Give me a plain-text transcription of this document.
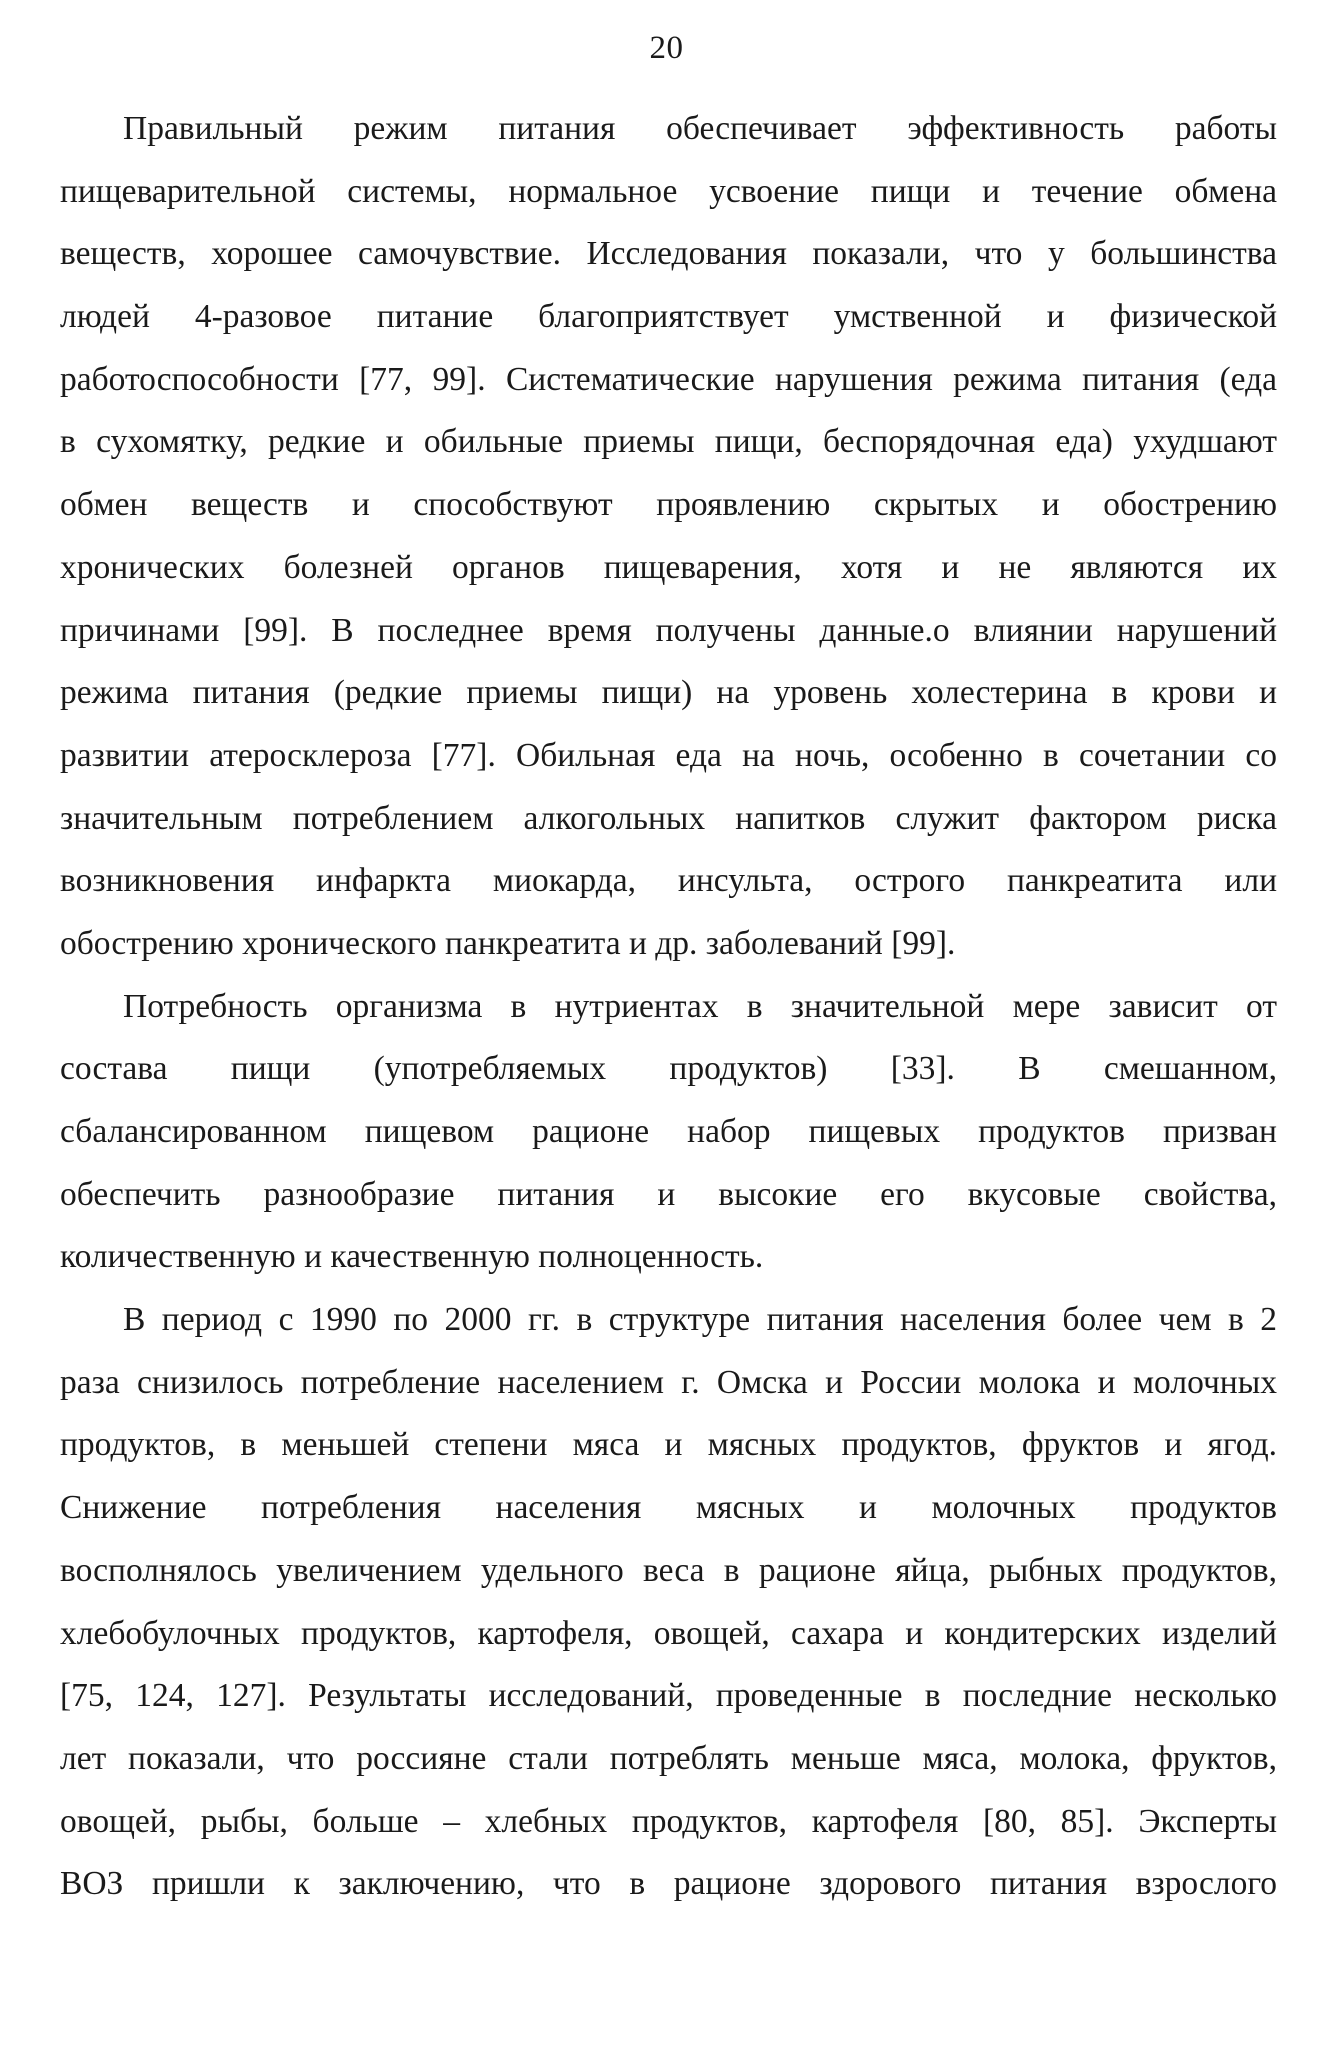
20
Правильный режим питания обеспечивает эффективность работы
пищеварительной системы, нормальное усвоение пищи и течение обмена
веществ, хорошее самочувствие. Исследования показали, что у большинства
людей 4-разовое питание благоприятствует умственной и физической
работоспособности [77, 99]. Систематические нарушения режима питания (еда
в сухомятку, редкие и обильные приемы пищи, беспорядочная еда) ухудшают
обмен веществ и способствуют проявлению скрытых и обострению
хронических болезней органов пищеварения, хотя и не являются их
причинами [99]. В последнее время получены данные.о влиянии нарушений
режима питания (редкие приемы пищи) на уровень холестерина в крови и
развитии атеросклероза [77]. Обильная еда на ночь, особенно в сочетании со
значительным потреблением алкогольных напитков служит фактором риска
возникновения инфаркта миокарда, инсульта, острого панкреатита или
обострению хронического панкреатита и др. заболеваний [99].
Потребность организма в нутриентах в значительной мере зависит от
состава пищи (употребляемых продуктов) [33]. В смешанном,
сбалансированном пищевом рационе набор пищевых продуктов призван
обеспечить разнообразие питания и высокие его вкусовые свойства,
количественную и качественную полноценность.
В период с 1990 по 2000 гг. в структуре питания населения более чем в 2
раза снизилось потребление населением г. Омска и России молока и молочных
продуктов, в меньшей степени мяса и мясных продуктов, фруктов и ягод.
Снижение потребления населения мясных и молочных продуктов
восполнялось увеличением удельного веса в рационе яйца, рыбных продуктов,
хлебобулочных продуктов, картофеля, овощей, сахара и кондитерских изделий
[75, 124, 127]. Результаты исследований, проведенные в последние несколько
лет показали, что россияне стали потреблять меньше мяса, молока, фруктов,
овощей, рыбы, больше – хлебных продуктов, картофеля [80, 85]. Эксперты
ВОЗ пришли к заключению, что в рационе здорового питания взрослого
